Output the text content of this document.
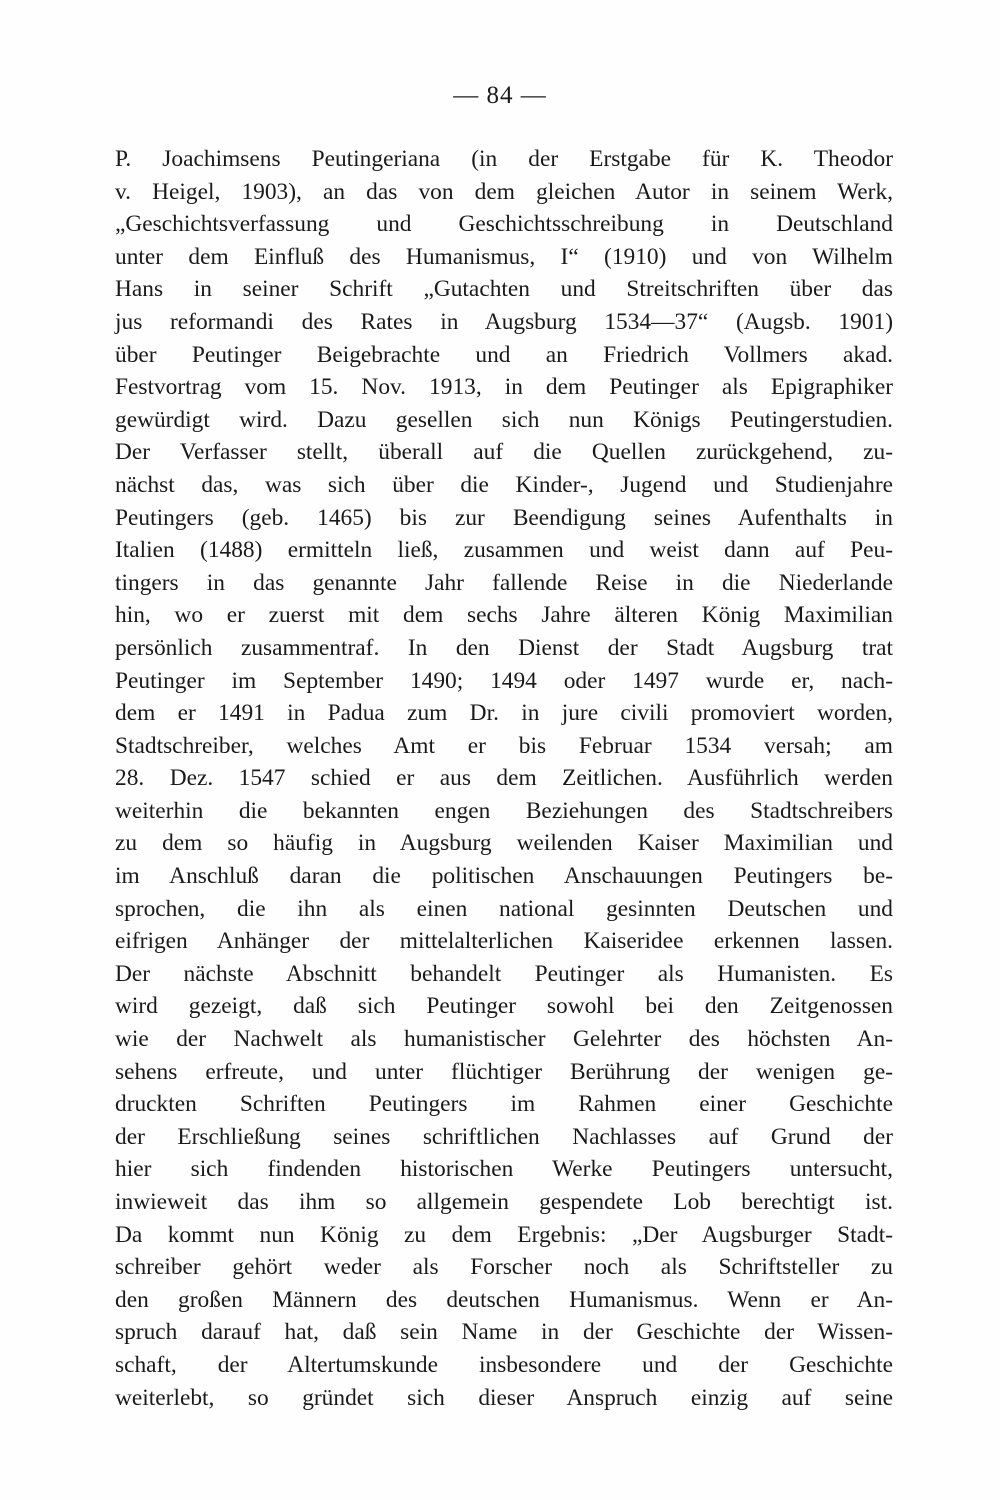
— 84 —
P. Joachimsens Peutingeriana (in der Erstgabe für K. Theodor
v. Heigel, 1903), an das von dem gleichen Autor in seinem Werk,
„Geschichtsverfassung und Geschichtsschreibung in Deutschland
unter dem Einfluß des Humanismus, I“ (1910) und von Wilhelm
Hans in seiner Schrift „Gutachten und Streitschriften über das
jus reformandi des Rates in Augsburg 1534—37“ (Augsb. 1901)
über Peutinger Beigebrachte und an Friedrich Vollmers akad.
Festvortrag vom 15. Nov. 1913, in dem Peutinger als Epigraphiker
gewürdigt wird. Dazu gesellen sich nun Königs Peutingerstudien.
Der Verfasser stellt, überall auf die Quellen zurückgehend, zu-
nächst das, was sich über die Kinder-, Jugend und Studienjahre
Peutingers (geb. 1465) bis zur Beendigung seines Aufenthalts in
Italien (1488) ermitteln ließ, zusammen und weist dann auf Peu-
tingers in das genannte Jahr fallende Reise in die Niederlande
hin, wo er zuerst mit dem sechs Jahre älteren König Maximilian
persönlich zusammentraf. In den Dienst der Stadt Augsburg trat
Peutinger im September 1490; 1494 oder 1497 wurde er, nach-
dem er 1491 in Padua zum Dr. in jure civili promoviert worden,
Stadtschreiber, welches Amt er bis Februar 1534 versah; am
28. Dez. 1547 schied er aus dem Zeitlichen. Ausführlich werden
weiterhin die bekannten engen Beziehungen des Stadtschreibers
zu dem so häufig in Augsburg weilenden Kaiser Maximilian und
im Anschluß daran die politischen Anschauungen Peutingers be-
sprochen, die ihn als einen national gesinnten Deutschen und
eifrigen Anhänger der mittelalterlichen Kaiseridee erkennen lassen.
Der nächste Abschnitt behandelt Peutinger als Humanisten. Es
wird gezeigt, daß sich Peutinger sowohl bei den Zeitgenossen
wie der Nachwelt als humanistischer Gelehrter des höchsten An-
sehens erfreute, und unter flüchtiger Berührung der wenigen ge-
druckten Schriften Peutingers im Rahmen einer Geschichte
der Erschließung seines schriftlichen Nachlasses auf Grund der
hier sich findenden historischen Werke Peutingers untersucht,
inwieweit das ihm so allgemein gespendete Lob berechtigt ist.
Da kommt nun König zu dem Ergebnis: „Der Augsburger Stadt-
schreiber gehört weder als Forscher noch als Schriftsteller zu
den großen Männern des deutschen Humanismus. Wenn er An-
spruch darauf hat, daß sein Name in der Geschichte der Wissen-
schaft, der Altertumskunde insbesondere und der Geschichte
weiterlebt, so gründet sich dieser Anspruch einzig auf seine
